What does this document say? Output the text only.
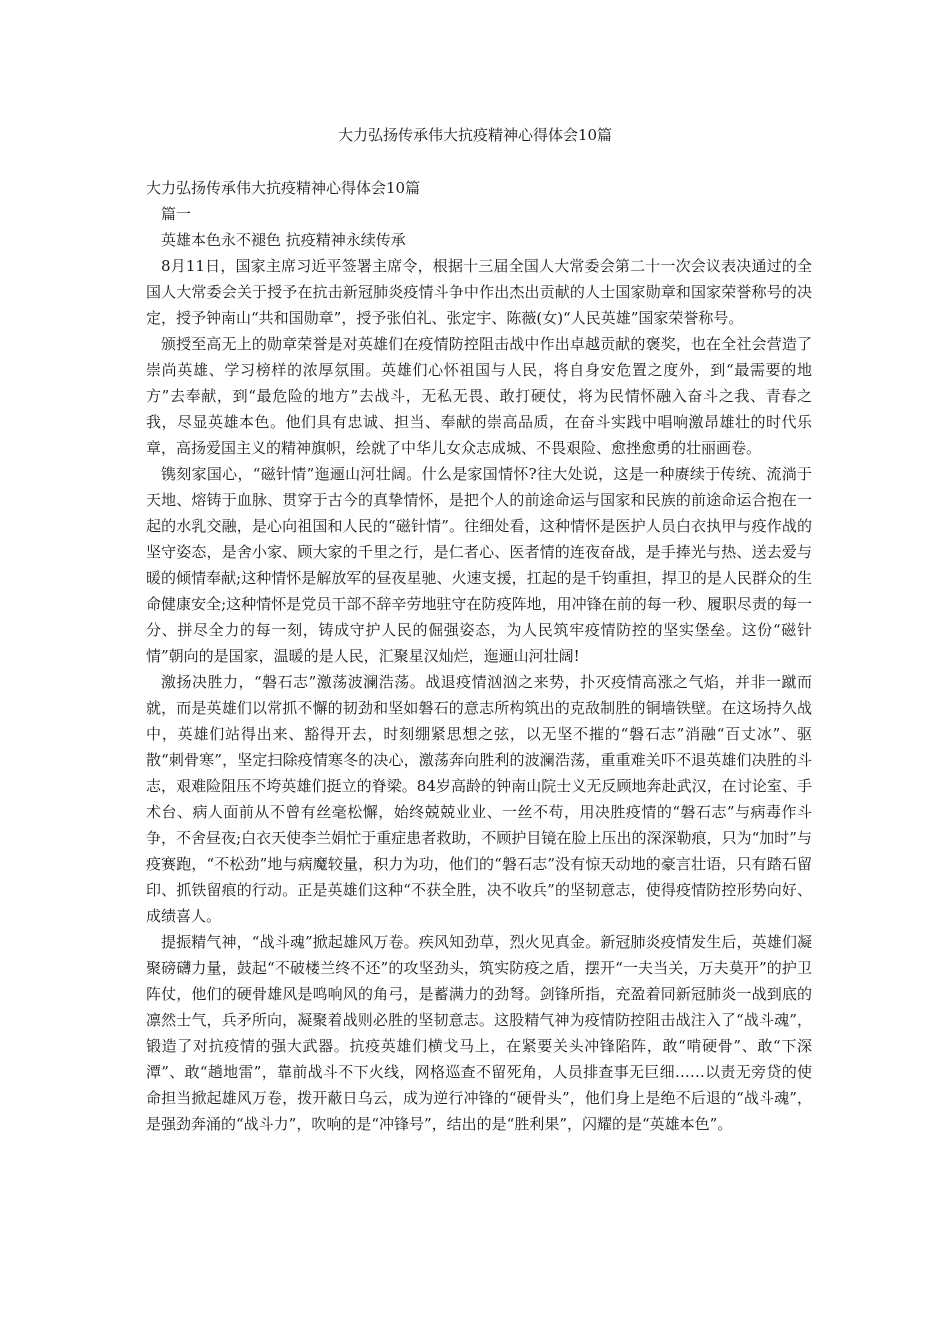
大力弘扬传承伟大抗疫精神心得体会10篇

大力弘扬传承伟大抗疫精神心得体会10篇

篇一

英雄本色永不褪色 抗疫精神永续传承

8月11日，国家主席习近平签署主席令，根据十三届全国人大常委会第二十一次会议表决通过的全国人大常委会关于授予在抗击新冠肺炎疫情斗争中作出杰出贡献的人士国家勋章和国家荣誉称号的决定，授予钟南山“共和国勋章”，授予张伯礼、张定宇、陈薇(女)“人民英雄”国家荣誉称号。

颁授至高无上的勋章荣誉是对英雄们在疫情防控阻击战中作出卓越贡献的褒奖，也在全社会营造了崇尚英雄、学习榜样的浓厚氛围。英雄们心怀祖国与人民，将自身安危置之度外，到“最需要的地方”去奉献，到“最危险的地方”去战斗，无私无畏、敢打硬仗，将为民情怀融入奋斗之我、青春之我，尽显英雄本色。他们具有忠诚、担当、奉献的崇高品质，在奋斗实践中唱响激昂雄壮的时代乐章，高扬爱国主义的精神旗帜，绘就了中华儿女众志成城、不畏艰险、愈挫愈勇的壮丽画卷。

镌刻家国心，“磁针情”迤逦山河壮阔。什么是家国情怀?往大处说，这是一种赓续于传统、流淌于天地、熔铸于血脉、贯穿于古今的真挚情怀，是把个人的前途命运与国家和民族的前途命运合抱在一起的水乳交融，是心向祖国和人民的“磁针情”。往细处看，这种情怀是医护人员白衣执甲与疫作战的坚守姿态，是舍小家、顾大家的千里之行，是仁者心、医者情的连夜奋战，是手捧光与热、送去爱与暖的倾情奉献;这种情怀是解放军的昼夜星驰、火速支援，扛起的是千钧重担，捍卫的是人民群众的生命健康安全;这种情怀是党员干部不辞辛劳地驻守在防疫阵地，用冲锋在前的每一秒、履职尽责的每一分、拼尽全力的每一刻，铸成守护人民的倔强姿态，为人民筑牢疫情防控的坚实堡垒。这份“磁针情”朝向的是国家，温暖的是人民，汇聚星汉灿烂，迤逦山河壮阔!

激扬决胜力，“磐石志”激荡波澜浩荡。战退疫情汹汹之来势，扑灭疫情高涨之气焰，并非一蹴而就，而是英雄们以常抓不懈的韧劲和坚如磐石的意志所构筑出的克敌制胜的铜墙铁壁。在这场持久战中，英雄们站得出来、豁得开去，时刻绷紧思想之弦，以无坚不摧的“磐石志”消融“百丈冰”、驱散“刺骨寒”，坚定扫除疫情寒冬的决心，激荡奔向胜利的波澜浩荡，重重难关吓不退英雄们决胜的斗志，艰难险阻压不垮英雄们挺立的脊梁。84岁高龄的钟南山院士义无反顾地奔赴武汉，在讨论室、手术台、病人面前从不曾有丝毫松懈，始终兢兢业业、一丝不苟，用决胜疫情的“磐石志”与病毒作斗争，不舍昼夜;白衣天使李兰娟忙于重症患者救助，不顾护目镜在脸上压出的深深勒痕，只为“加时”与疫赛跑，“不松劲”地与病魔较量，积力为功，他们的“磐石志”没有惊天动地的豪言壮语，只有踏石留印、抓铁留痕的行动。正是英雄们这种“不获全胜，决不收兵”的坚韧意志，使得疫情防控形势向好、成绩喜人。

提振精气神，“战斗魂”掀起雄风万卷。疾风知劲草，烈火见真金。新冠肺炎疫情发生后，英雄们凝聚磅礴力量，鼓起“不破楼兰终不还”的攻坚劲头，筑实防疫之盾，摆开“一夫当关，万夫莫开”的护卫阵仗，他们的硬骨雄风是鸣响风的角弓，是蓄满力的劲弩。剑锋所指，充盈着同新冠肺炎一战到底的凛然士气，兵矛所向，凝聚着战则必胜的坚韧意志。这股精气神为疫情防控阻击战注入了“战斗魂”，锻造了对抗疫情的强大武器。抗疫英雄们横戈马上，在紧要关头冲锋陷阵，敢“啃硬骨”、敢“下深潭”、敢“趟地雷”，靠前战斗不下火线，网格巡查不留死角，人员排查事无巨细……以责无旁贷的使命担当掀起雄风万卷，拨开蔽日乌云，成为逆行冲锋的“硬骨头”，他们身上是绝不后退的“战斗魂”，是强劲奔涌的“战斗力”，吹响的是“冲锋号”，结出的是“胜利果”，闪耀的是“英雄本色”。
